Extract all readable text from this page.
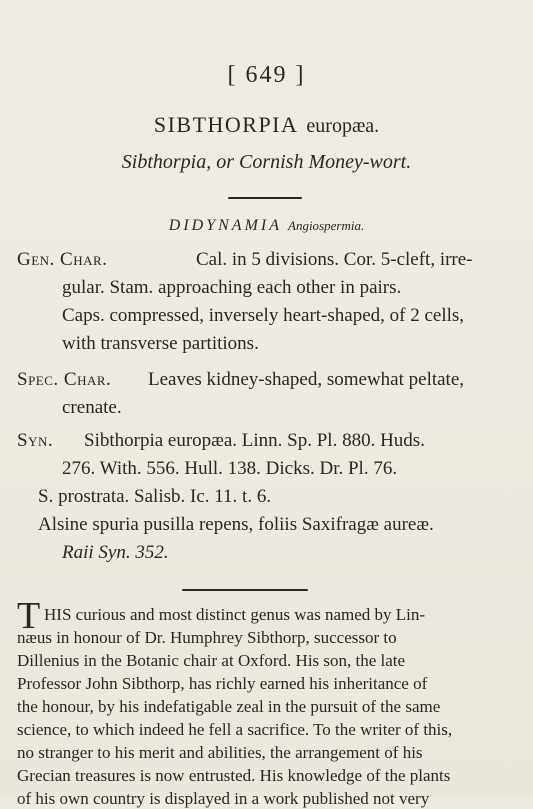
[ 649 ]
SIBTHORPIA europæa.
Sibthorpia, or Cornish Money-wort.
DIDYNAMIA Angiospermia.
Gen. Char.	Cal. in 5 divisions. Cor. 5-cleft, irre-
gular. Stam. approaching each other in pairs.
Caps. compressed, inversely heart-shaped, of 2 cells,
with transverse partitions.
Spec. Char. Leaves kidney-shaped, somewhat peltate,
crenate.
Syn. Sibthorpia europæa. Linn. Sp. Pl. 880. Huds.
276. With. 556. Hull. 138. Dicks. Dr. Pl. 76.
S. prostrata. Salisb. Ic. 11. t. 6.
Alsine spuria pusilla repens, foliis Saxifragæ aureæ.
Raii Syn. 352.
T HIS curious and most distinct genus was named by Lin-
næus in honour of Dr. Humphrey Sibthorp, successor to
Dillenius in the Botanic chair at Oxford. His son, the late
Professor John Sibthorp, has richly earned his inheritance of
the honour, by his indefatigable zeal in the pursuit of the same
science, to which indeed he fell a sacrifice. To the writer of this,
no stranger to his merit and abilities, the arrangement of his
Grecian treasures is now entrusted. His knowledge of the plants
of his own country is displayed in a work published not very
